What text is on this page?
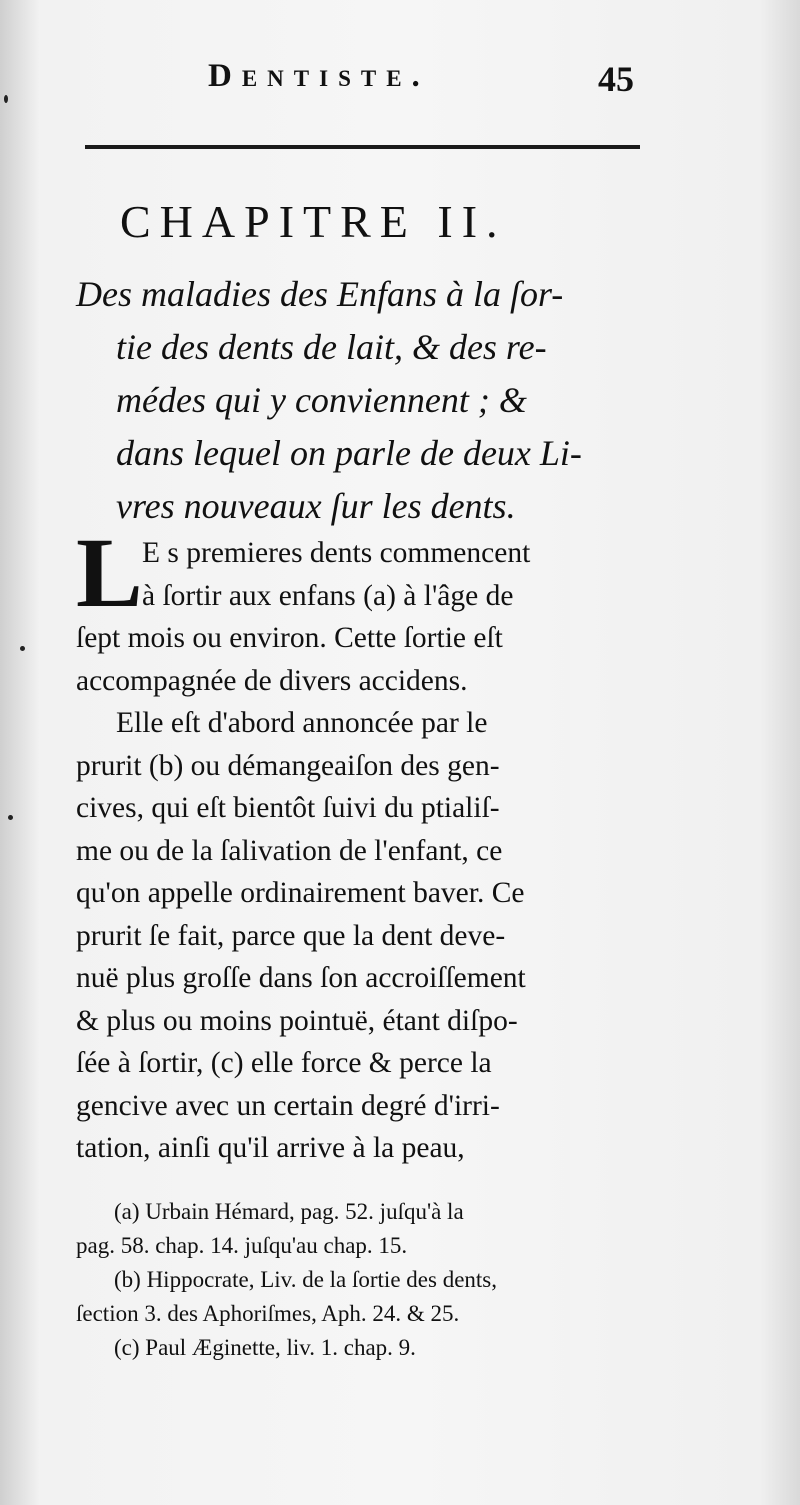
Dentiste.	45
CHAPITRE II.
Des maladies des Enfans à la ſor-
tie des dents de lait, & des re-
médes qui y conviennent ; &
dans lequel on parle de deux Li-
vres nouveaux ſur les dents.
L E s premieres dents commencent
à ſortir aux enfans (a) à l'âge de
ſept mois ou environ. Cette ſortie eſt
accompagnée de divers accidens.
Elle eſt d'abord annoncée par le
prurit (b) ou démangeaiſon des gen-
cives, qui eſt bientôt ſuivi du ptialiſ-
me ou de la ſalivation de l'enfant, ce
qu'on appelle ordinairement baver. Ce
prurit ſe fait, parce que la dent deve-
nuë plus groſſe dans ſon accroiſſement
& plus ou moins pointuë, étant diſpo-
ſée à ſortir, (c) elle force & perce la
gencive avec un certain degré d'irri-
tation, ainſi qu'il arrive à la peau,
(a) Urbain Hémard, pag. 52. juſqu'à la
pag. 58. chap. 14. juſqu'au chap. 15.
(b) Hippocrate, Liv. de la ſortie des dents,
ſection 3. des Aphoriſmes, Aph. 24. & 25.
(c) Paul Æginette, liv. 1. chap. 9.
